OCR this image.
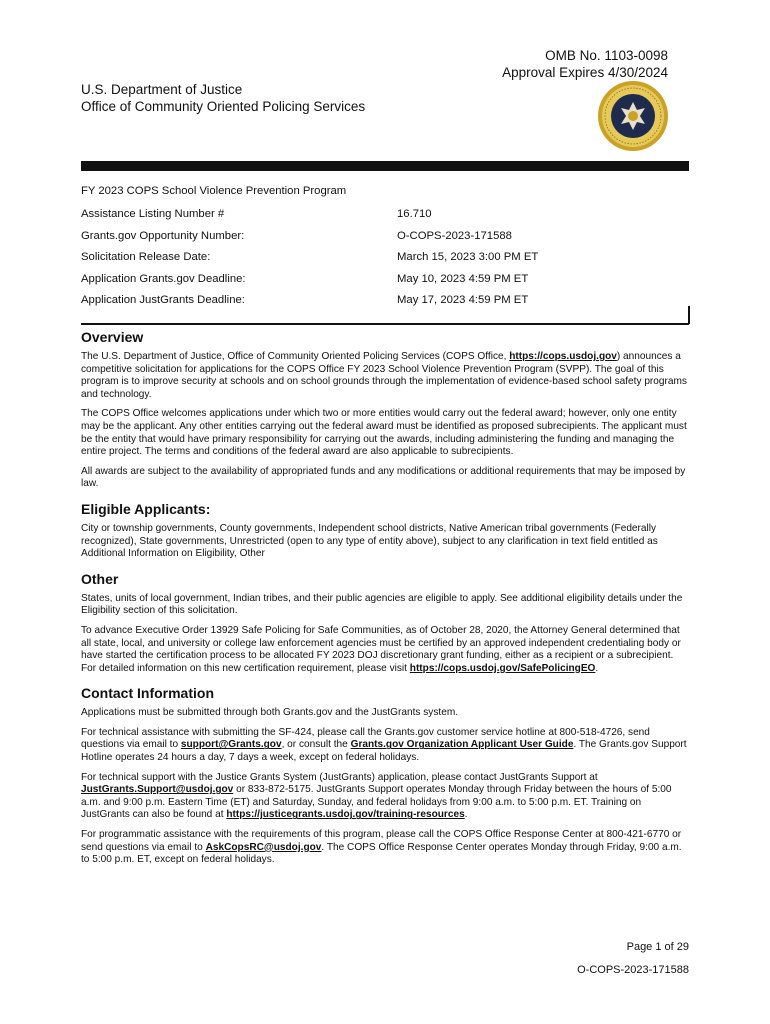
OMB No. 1103-0098
Approval Expires 4/30/2024
U.S. Department of Justice
Office of Community Oriented Policing Services
FY 2023 COPS School Violence Prevention Program
Assistance Listing Number #	16.710
Grants.gov Opportunity Number:	O-COPS-2023-171588
Solicitation Release Date:	March 15, 2023 3:00 PM ET
Application Grants.gov Deadline:	May 10, 2023 4:59 PM ET
Application JustGrants Deadline:	May 17, 2023 4:59 PM ET
Overview

The U.S. Department of Justice, Office of Community Oriented Policing Services (COPS Office, https://cops.usdoj.gov) announces a competitive solicitation for applications for the COPS Office FY 2023 School Violence Prevention Program (SVPP). The goal of this program is to improve security at schools and on school grounds through the implementation of evidence-based school safety programs and technology.

The COPS Office welcomes applications under which two or more entities would carry out the federal award; however, only one entity may be the applicant. Any other entities carrying out the federal award must be identified as proposed subrecipients. The applicant must be the entity that would have primary responsibility for carrying out the awards, including administering the funding and managing the entire project. The terms and conditions of the federal award are also applicable to subrecipients.

All awards are subject to the availability of appropriated funds and any modifications or additional requirements that may be imposed by law.

Eligible Applicants:

City or township governments, County governments, Independent school districts, Native American tribal governments (Federally recognized), State governments, Unrestricted (open to any type of entity above), subject to any clarification in text field entitled as Additional Information on Eligibility, Other

Other

States, units of local government, Indian tribes, and their public agencies are eligible to apply. See additional eligibility details under the Eligibility section of this solicitation.

To advance Executive Order 13929 Safe Policing for Safe Communities, as of October 28, 2020, the Attorney General determined that all state, local, and university or college law enforcement agencies must be certified by an approved independent credentialing body or have started the certification process to be allocated FY 2023 DOJ discretionary grant funding, either as a recipient or a subrecipient. For detailed information on this new certification requirement, please visit https://cops.usdoj.gov/SafePolicingEO.

Contact Information

Applications must be submitted through both Grants.gov and the JustGrants system.

For technical assistance with submitting the SF-424, please call the Grants.gov customer service hotline at 800-518-4726, send questions via email to support@Grants.gov, or consult the Grants.gov Organization Applicant User Guide. The Grants.gov Support Hotline operates 24 hours a day, 7 days a week, except on federal holidays.

For technical support with the Justice Grants System (JustGrants) application, please contact JustGrants Support at JustGrants.Support@usdoj.gov or 833-872-5175. JustGrants Support operates Monday through Friday between the hours of 5:00 a.m. and 9:00 p.m. Eastern Time (ET) and Saturday, Sunday, and federal holidays from 9:00 a.m. to 5:00 p.m. ET. Training on JustGrants can also be found at https://justicegrants.usdoj.gov/training-resources.

For programmatic assistance with the requirements of this program, please call the COPS Office Response Center at 800-421-6770 or send questions via email to AskCopsRC@usdoj.gov. The COPS Office Response Center operates Monday through Friday, 9:00 a.m. to 5:00 p.m. ET, except on federal holidays.

Page 1 of 29
O-COPS-2023-171588
